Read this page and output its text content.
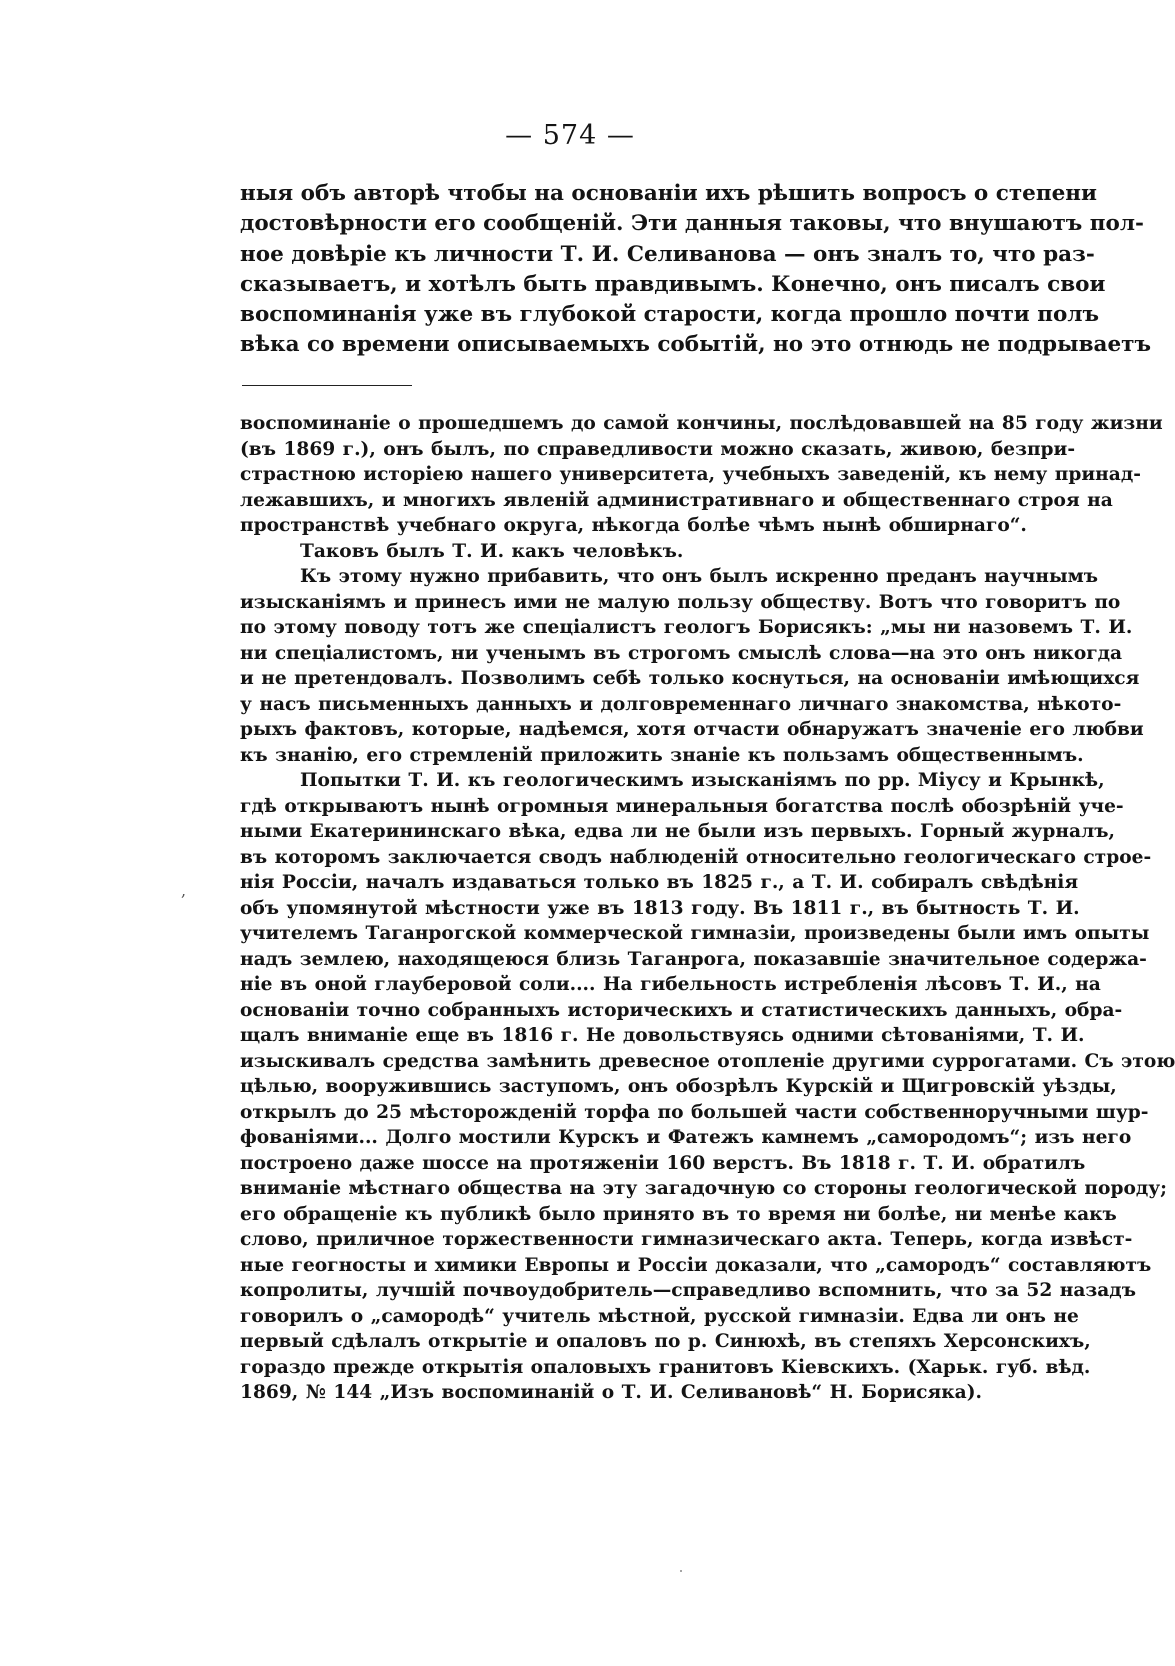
— 574 —
ныя объ авторѣ чтобы на основаніи ихъ рѣшить вопросъ о степени
достовѣрности его сообщеній. Эти данныя таковы, что внушаютъ пол-
ное довѣріе къ личности Т. И. Селиванова — онъ зналъ то, что раз-
сказываетъ, и хотѣлъ быть правдивымъ. Конечно, онъ писалъ свои
воспоминанія уже въ глубокой старости, когда прошло почти полъ
вѣка со времени описываемыхъ событій, но это отнюдь не подрываетъ
воспоминаніе о прошедшемъ до самой кончины, послѣдовавшей на 85 году жизни
(въ 1869 г.), онъ былъ, по справедливости можно сказать, живою, безпри-
страстною исторіею нашего университета, учебныхъ заведеній, къ нему принад-
лежавшихъ, и многихъ явленій административнаго и общественнаго строя на
пространствѣ учебнаго округа, нѣкогда болѣе чѣмъ нынѣ обширнаго“.
Таковъ былъ Т. И. какъ человѣкъ.
Къ этому нужно прибавить, что онъ былъ искренно преданъ научнымъ
изысканіямъ и принесъ ими не малую пользу обществу. Вотъ что говоритъ по
по этому поводу тотъ же спеціалистъ геологъ Борисякъ: „мы ни назовемъ Т. И.
ни спеціалистомъ, ни ученымъ въ строгомъ смыслѣ слова—на это онъ никогда
и не претендовалъ. Позволимъ себѣ только коснуться, на основаніи имѣющихся
у насъ письменныхъ данныхъ и долговременнаго личнаго знакомства, нѣкото-
рыхъ фактовъ, которые, надѣемся, хотя отчасти обнаружатъ значеніе его любви
къ знанію, его стремленій приложить знаніе къ пользамъ общественнымъ.
Попытки Т. И. къ геологическимъ изысканіямъ по рр. Міусу и Крынкѣ,
гдѣ открываютъ нынѣ огромныя минеральныя богатства послѣ обозрѣній уче-
ными Екатерининскаго вѣка, едва ли не были изъ первыхъ. Горный журналъ,
въ которомъ заключается сводъ наблюденій относительно геологическаго строе-
нія Россіи, началъ издаваться только въ 1825 г., а Т. И. собиралъ свѣдѣнія
объ упомянутой мѣстности уже въ 1813 году. Въ 1811 г., въ бытность Т. И.
учителемъ Таганрогской коммерческой гимназіи, произведены были имъ опыты
надъ землею, находящеюся близь Таганрога, показавшіе значительное содержа-
ніе въ оной глауберовой соли.... На гибельность истребленія лѣсовъ Т. И., на
основаніи точно собранныхъ историческихъ и статистическихъ данныхъ, обра-
щалъ вниманіе еще въ 1816 г. Не довольствуясь одними сѣтованіями, Т. И.
изыскивалъ средства замѣнить древесное отопленіе другими суррогатами. Съ этою
цѣлью, вооружившись заступомъ, онъ обозрѣлъ Курскій и Щигровскій уѣзды,
открылъ до 25 мѣсторожденій торфа по большей части собственноручными шур-
фованіями... Долго мостили Курскъ и Фатежъ камнемъ „самородомъ“; изъ него
построено даже шоссе на протяженіи 160 верстъ. Въ 1818 г. Т. И. обратилъ
вниманіе мѣстнаго общества на эту загадочную со стороны геологической породу;
его обращеніе къ публикѣ было принято въ то время ни болѣе, ни менѣе какъ
слово, приличное торжественности гимназическаго акта. Теперь, когда извѣст-
ные геогносты и химики Европы и Россіи доказали, что „самородъ“ составляютъ
копролиты, лучшій почвоудобритель—справедливо вспомнить, что за 52 назадъ
говорилъ о „самородѣ“ учитель мѣстной, русской гимназіи. Едва ли онъ не
первый сдѣлалъ открытіе и опаловъ по р. Синюхѣ, въ степяхъ Херсонскихъ,
гораздо прежде открытія опаловыхъ гранитовъ Кіевскихъ. (Харьк. губ. вѣд.
1869, № 144 „Изъ воспоминаній о Т. И. Селивановѣ“ Н. Борисяка).
,
